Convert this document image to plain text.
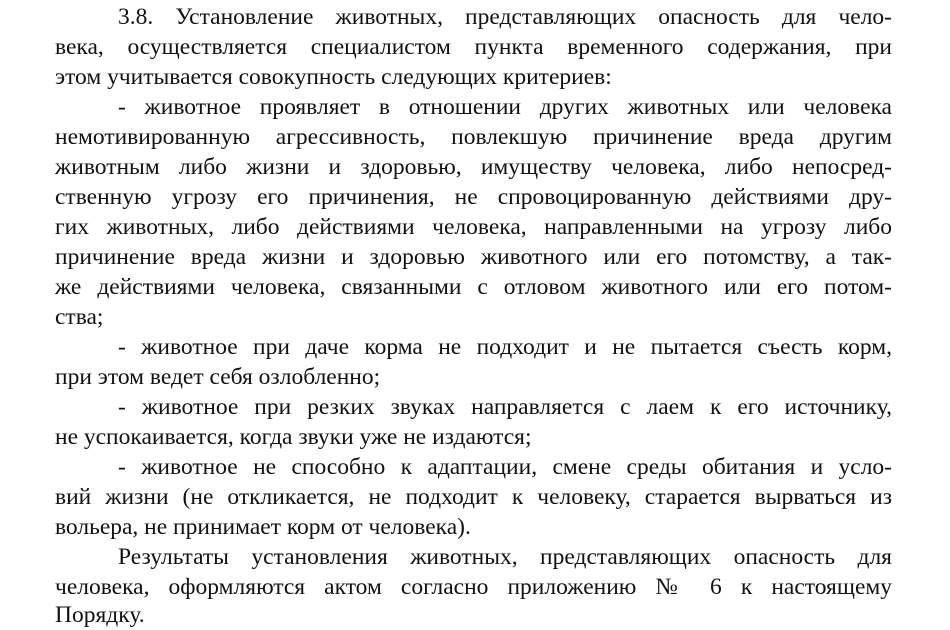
3.8. Установление животных, представляющих опасность для чело-
века, осуществляется специалистом пункта временного содержания, при
этом учитывается совокупность следующих критериев:
- животное проявляет в отношении других животных или человека
немотивированную агрессивность, повлекшую причинение вреда другим
животным либо жизни и здоровью, имуществу человека, либо непосред-
ственную угрозу его причинения, не спровоцированную действиями дру-
гих животных, либо действиями человека, направленными на угрозу либо
причинение вреда жизни и здоровью животного или его потомству, а так-
же действиями человека, связанными с отловом животного или его потом-
ства;
- животное при даче корма не подходит и не пытается съесть корм,
при этом ведет себя озлобленно;
- животное при резких звуках направляется с лаем к его источнику,
не успокаивается, когда звуки уже не издаются;
- животное не способно к адаптации, смене среды обитания и усло-
вий жизни (не откликается, не подходит к человеку, старается вырваться из
вольера, не принимает корм от человека).
Результаты установления животных, представляющих опасность для
человека, оформляются актом согласно приложению № 6 к настоящему
Порядку.
